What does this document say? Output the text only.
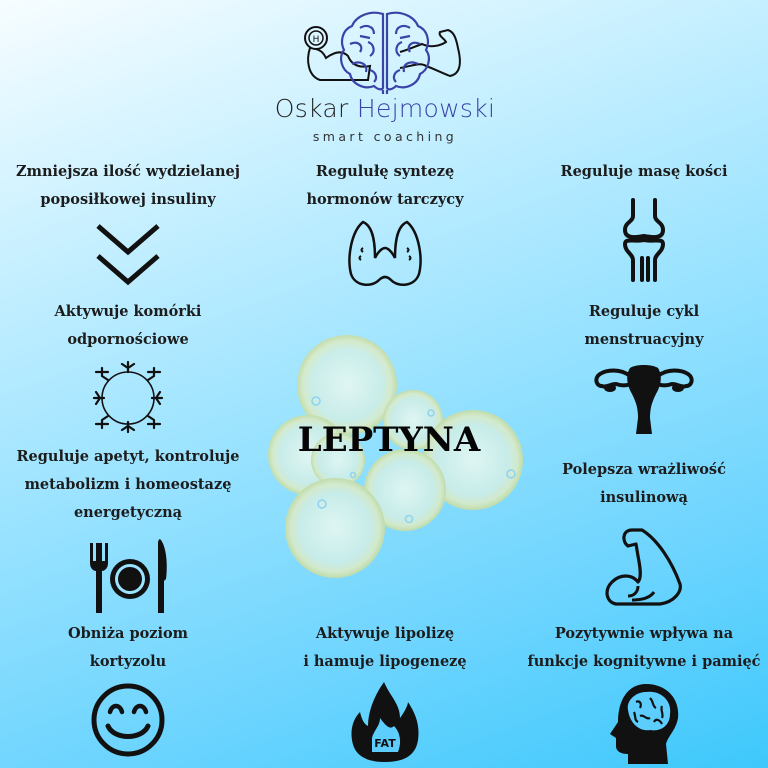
H
Oskar Hejmowski
smart coaching
LEPTYNA
Zmniejsza ilość wydzielanej
poposiłkowej insuliny
Regulułę syntezę
hormonów tarczycy
Reguluje masę kości
Aktywuje komórki
odpornościowe
Reguluje cykl
menstruacyjny
Reguluje apetyt, kontroluje
metabolizm i homeostazę
energetyczną
Polepsza wrażliwość
insulinową
Obniża poziom
kortyzolu
Aktywuje lipolizę
i hamuje lipogenezę
FAT
Pozytywnie wpływa na
funkcje kognitywne i pamięć
